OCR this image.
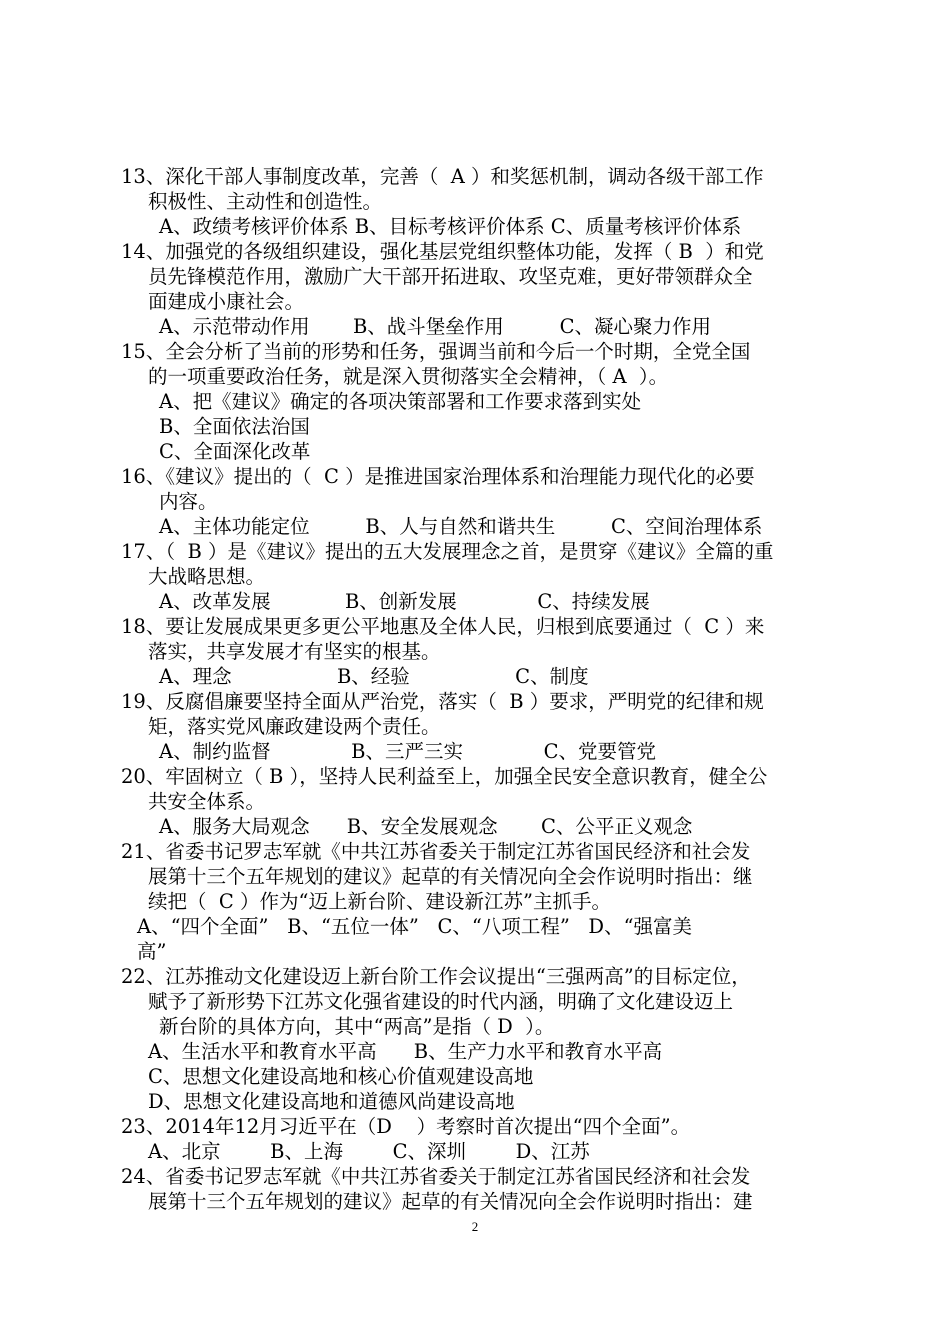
13、深化干部人事制度改革，完善（  A ）和奖惩机制，调动各级干部工作
积极性、主动性和创造性。
A、政绩考核评价体系 B、目标考核评价体系 C、质量考核评价体系
14、加强党的各级组织建设，强化基层党组织整体功能，发挥（ B  ）和党
员先锋模范作用，激励广大干部开拓进取、攻坚克难，更好带领群众全
面建成小康社会。
A、示范带动作用       B、战斗堡垒作用         C、凝心聚力作用
15、全会分析了当前的形势和任务，强调当前和今后一个时期，全党全国
的一项重要政治任务，就是深入贯彻落实全会精神，（ A  ）。
A、把《建议》确定的各项决策部署和工作要求落到实处
B、全面依法治国
C、全面深化改革
16、《建议》提出的（  C ）是推进国家治理体系和治理能力现代化的必要
内容。
A、主体功能定位         B、人与自然和谐共生         C、空间治理体系
17、（  B ）是《建议》提出的五大发展理念之首，是贯穿《建议》全篇的重
大战略思想。
A、改革发展            B、创新发展             C、持续发展
18、要让发展成果更多更公平地惠及全体人民，归根到底要通过（  C ）来
落实，共享发展才有坚实的根基。
A、理念                 B、经验                 C、制度
19、反腐倡廉要坚持全面从严治党，落实（  B ）要求，严明党的纪律和规
矩，落实党风廉政建设两个责任。
A、制约监督             B、三严三实             C、党要管党
20、牢固树立（ B ），坚持人民利益至上，加强全民安全意识教育，健全公
共安全体系。
A、服务大局观念      B、安全发展观念       C、公平正义观念
21、省委书记罗志军就《中共江苏省委关于制定江苏省国民经济和社会发
展第十三个五年规划的建议》起草的有关情况向全会作说明时指出：继
续把（  C ）作为“迈上新台阶、建设新江苏”主抓手。
A、“四个全面”   B、“五位一体”   C、“八项工程”   D、“强富美
高”
22、江苏推动文化建设迈上新台阶工作会议提出“三强两高”的目标定位，
赋予了新形势下江苏文化强省建设的时代内涵，明确了文化建设迈上
新台阶的具体方向，其中“两高”是指（ D  ）。
A、生活水平和教育水平高      B、生产力水平和教育水平高
C、思想文化建设高地和核心价值观建设高地
D、思想文化建设高地和道德风尚建设高地
23、2014年12月习近平在（D    ）考察时首次提出“四个全面”。
A、北京        B、上海        C、深圳        D、江苏
24、省委书记罗志军就《中共江苏省委关于制定江苏省国民经济和社会发
展第十三个五年规划的建议》起草的有关情况向全会作说明时指出：建
2
